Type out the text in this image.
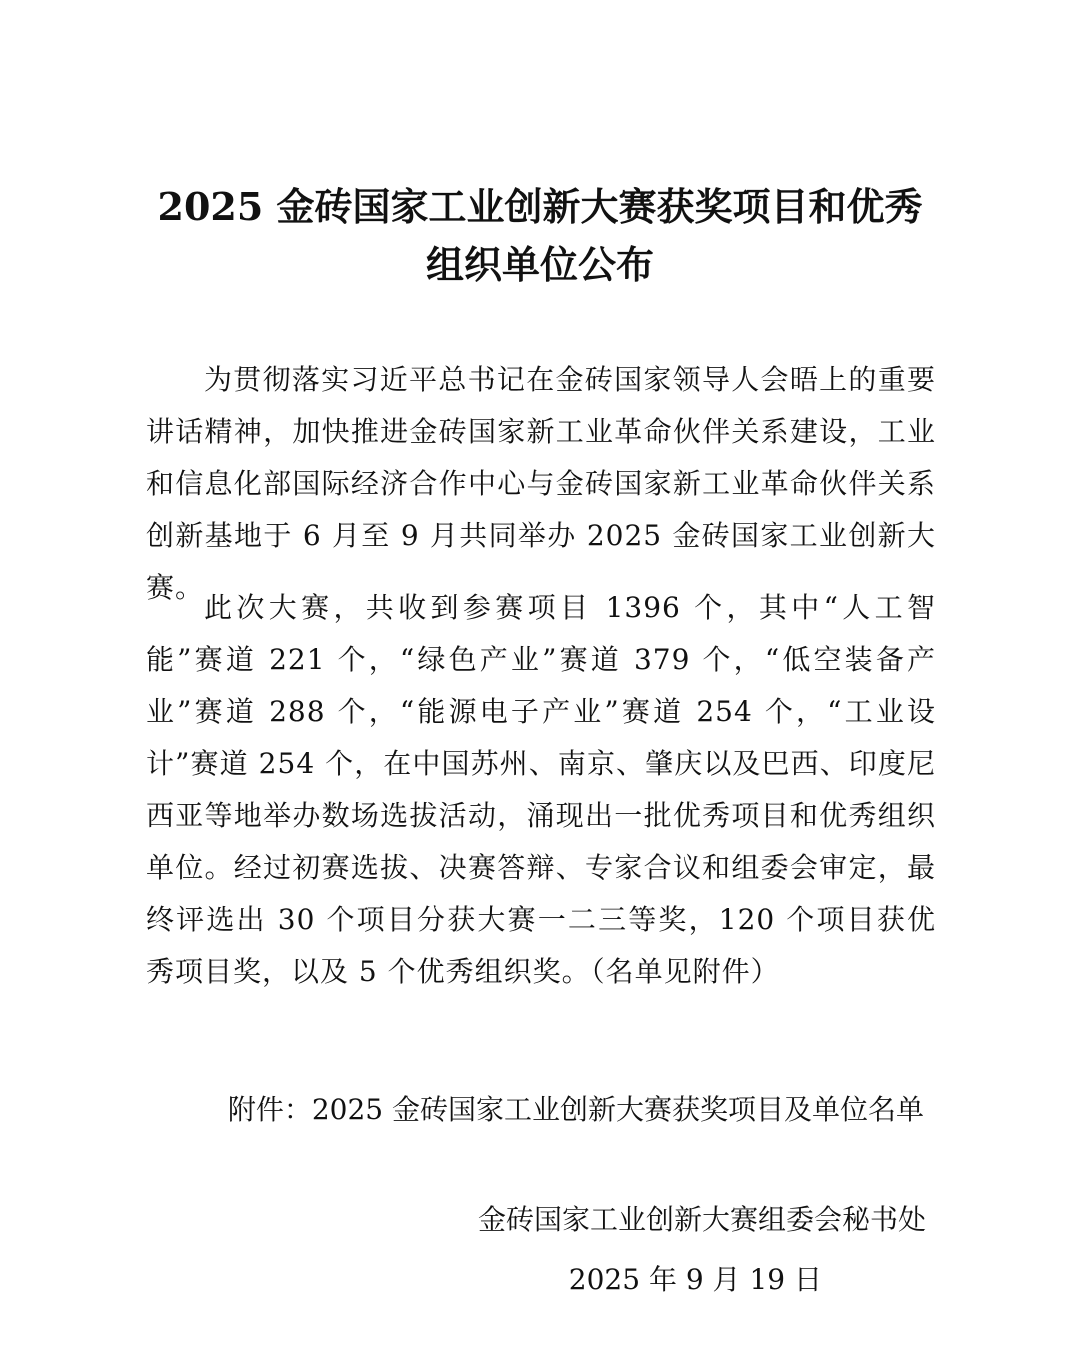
2025 金砖国家工业创新大赛获奖项目和优秀
组织单位公布

为贯彻落实习近平总书记在金砖国家领导人会晤上的重要讲话精神，加快推进金砖国家新工业革命伙伴关系建设，工业和信息化部国际经济合作中心与金砖国家新工业革命伙伴关系创新基地于 6 月至 9 月共同举办 2025 金砖国家工业创新大赛。

此次大赛，共收到参赛项目 1396 个，其中“人工智能”赛道 221 个，“绿色产业”赛道 379 个，“低空装备产业”赛道 288 个，“能源电子产业”赛道 254 个，“工业设计”赛道 254 个，在中国苏州、南京、肇庆以及巴西、印度尼西亚等地举办数场选拔活动，涌现出一批优秀项目和优秀组织单位。经过初赛选拔、决赛答辩、专家合议和组委会审定，最终评选出 30 个项目分获大赛一二三等奖，120 个项目获优秀项目奖，以及 5 个优秀组织奖。（名单见附件）

附件：2025 金砖国家工业创新大赛获奖项目及单位名单
金砖国家工业创新大赛组委会秘书处
2025 年 9 月 19 日
